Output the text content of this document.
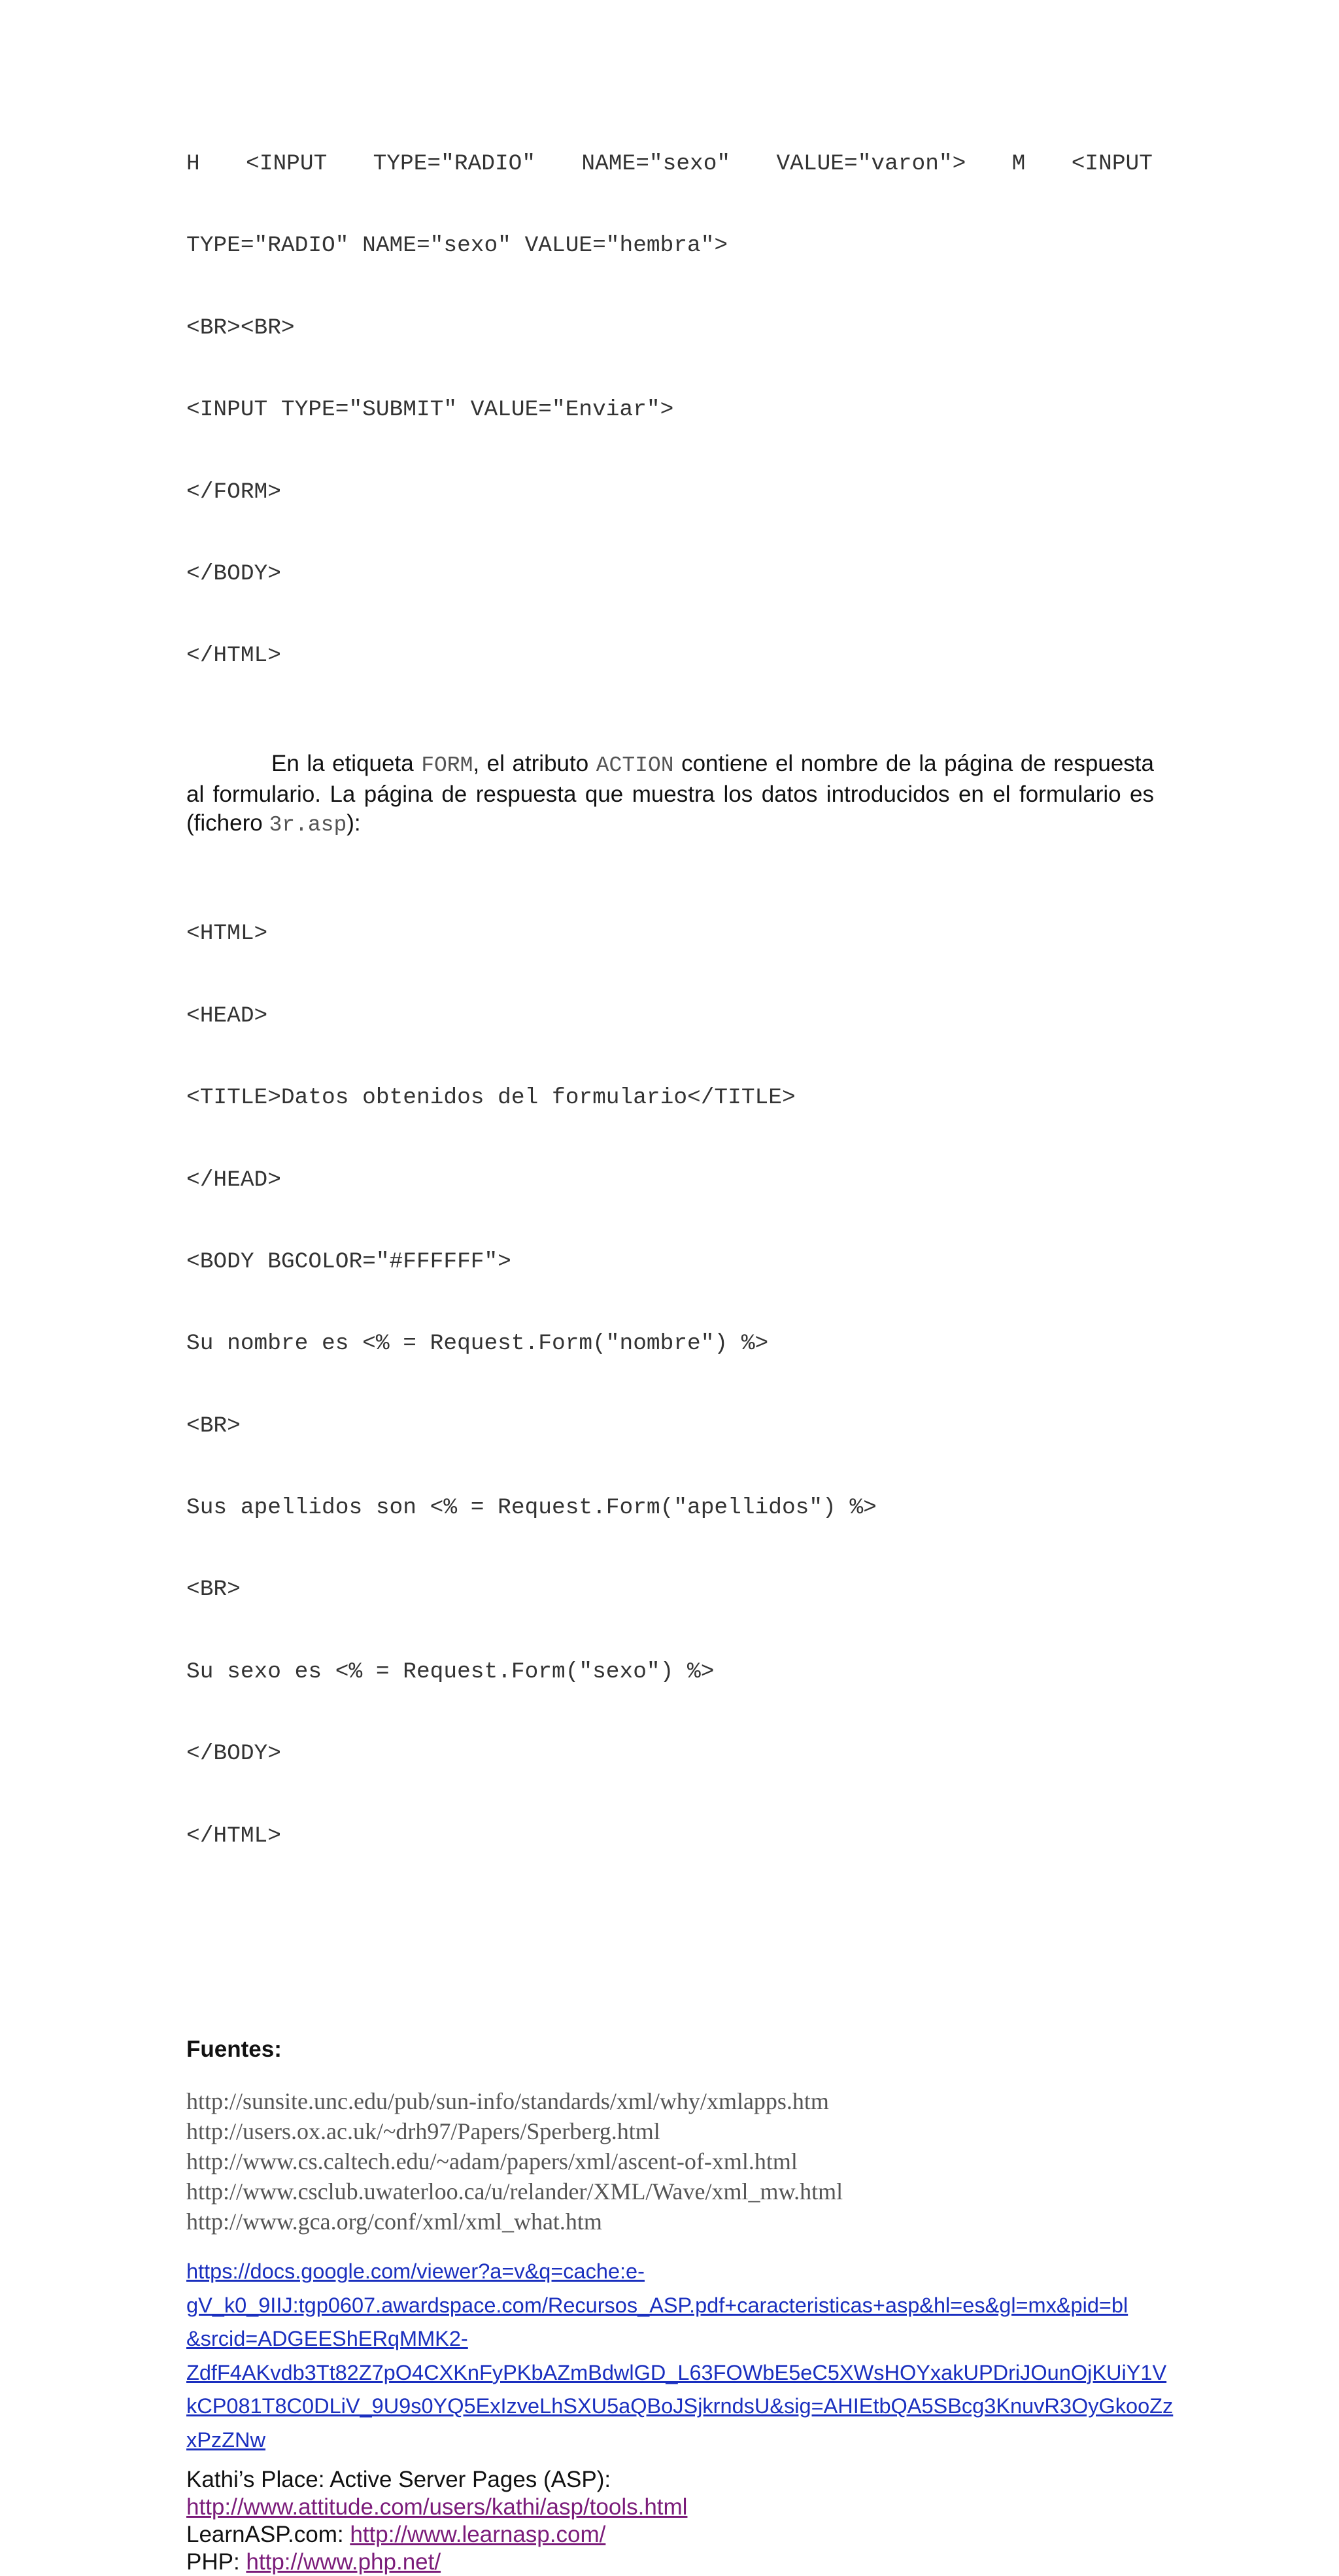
H <INPUT TYPE="RADIO" NAME="sexo" VALUE="varon"> M <INPUT

TYPE="RADIO" NAME="sexo" VALUE="hembra">

<BR><BR>

<INPUT TYPE="SUBMIT" VALUE="Enviar">

</FORM>

</BODY>

</HTML>

En la etiqueta FORM, el atributo ACTION contiene el nombre de la página de respuesta al formulario. La página de respuesta que muestra los datos introducidos en el formulario es (fichero 3r.asp):

<HTML>

<HEAD>

<TITLE>Datos obtenidos del formulario</TITLE>

</HEAD>

<BODY BGCOLOR="#FFFFFF">

Su nombre es <% = Request.Form("nombre") %>

<BR>

Sus apellidos son <% = Request.Form("apellidos") %>

<BR>

Su sexo es <% = Request.Form("sexo") %>

</BODY>

</HTML>

Fuentes:
http://sunsite.unc.edu/pub/sun-info/standards/xml/why/xmlapps.htm
http://users.ox.ac.uk/~drh97/Papers/Sperberg.html
http://www.cs.caltech.edu/~adam/papers/xml/ascent-of-xml.html
http://www.csclub.uwaterloo.ca/u/relander/XML/Wave/xml_mw.html
http://www.gca.org/conf/xml/xml_what.htm
https://docs.google.com/viewer?a=v&q=cache:e-
gV_k0_9IIJ:tgp0607.awardspace.com/Recursos_ASP.pdf+caracteristicas+asp&hl=es&gl=mx&pid=bl
&srcid=ADGEEShERqMMK2-
ZdfF4AKvdb3Tt82Z7pO4CXKnFyPKbAZmBdwlGD_L63FOWbE5eC5XWsHOYxakUPDriJOunOjKUiY1V
kCP081T8C0DLiV_9U9s0YQ5ExIzveLhSXU5aQBoJSjkrndsU&sig=AHIEtbQA5SBcg3KnuvR3OyGkooZz
xPzZNw
Kathi’s Place: Active Server Pages (ASP):
http://www.attitude.com/users/kathi/asp/tools.html
LearnASP.com: http://www.learnasp.com/
PHP: http://www.php.net/
